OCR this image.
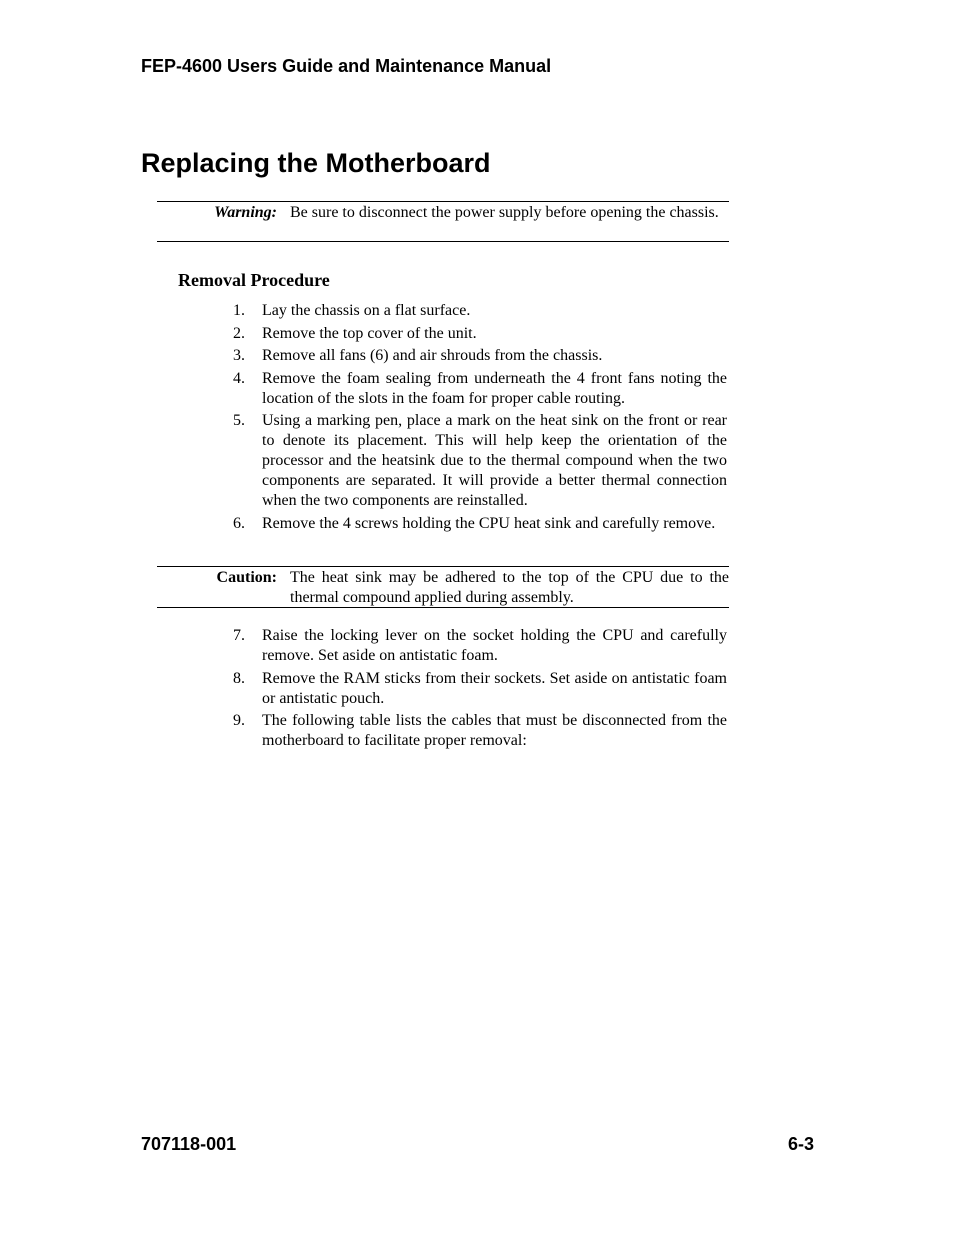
FEP-4600 Users Guide and Maintenance Manual
Replacing the Motherboard
Warning: Be sure to disconnect the power supply before opening the chassis.

Removal Procedure
1.	Lay the chassis on a flat surface.
2.	Remove the top cover of the unit.
3.	Remove all fans (6) and air shrouds from the chassis.
4.	Remove the foam sealing from underneath the 4 front fans noting the location of the slots in the foam for proper cable routing.
5.	Using a marking pen, place a mark on the heat sink on the front or rear to denote its placement. This will help keep the orientation of the processor and the heatsink due to the thermal compound when the two components are separated. It will provide a better thermal connection when the two components are reinstalled.
6.	Remove the 4 screws holding the CPU heat sink and carefully remove.
Caution: The heat sink may be adhered to the top of the CPU due to the thermal compound applied during assembly.

7.	Raise the locking lever on the socket holding the CPU and carefully remove. Set aside on antistatic foam.
8.	Remove the RAM sticks from their sockets. Set aside on antistatic foam or antistatic pouch.
9.	The following table lists the cables that must be disconnected from the motherboard to facilitate proper removal:
707118-001	6-3
